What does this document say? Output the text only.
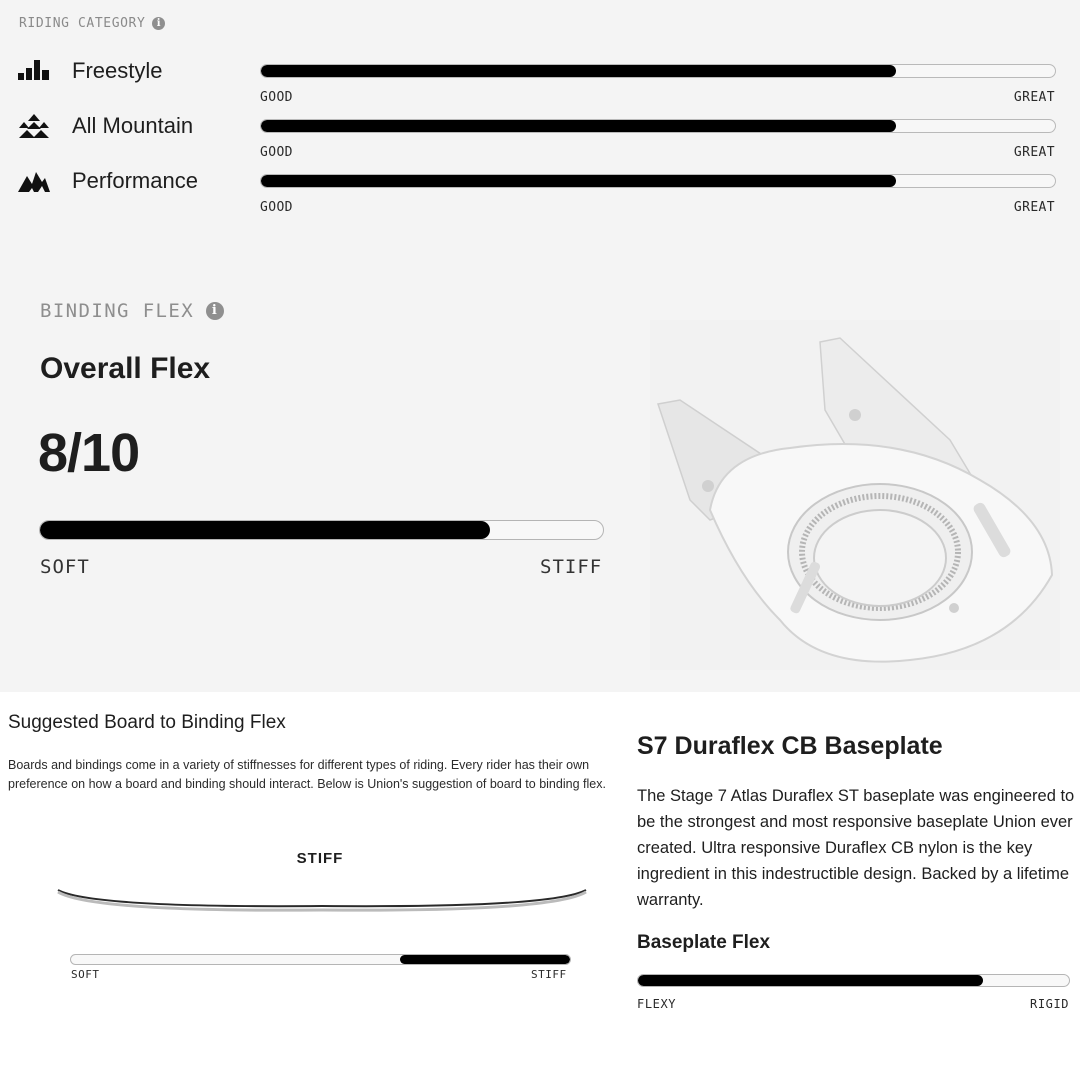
RIDING CATEGORY	i
Freestyle
GOOD	GREAT
All Mountain
GOOD	GREAT
Performance
GOOD	GREAT
BINDING FLEX	i
Overall Flex
8/10
SOFT	STIFF
Suggested Board to Binding Flex

Boards and bindings come in a variety of stiffnesses for different types of riding. Every rider has their own preference on how a board and binding should interact. Below is Union's suggestion of board to binding flex.

STIFF
SOFT	STIFF
S7 Duraflex CB Baseplate

The Stage 7 Atlas Duraflex ST baseplate was engineered to be the strongest and most responsive baseplate Union ever created. Ultra responsive Duraflex CB nylon is the key ingredient in this indestructible design. Backed by a lifetime warranty.

Baseplate Flex
FLEXY	RIGID
